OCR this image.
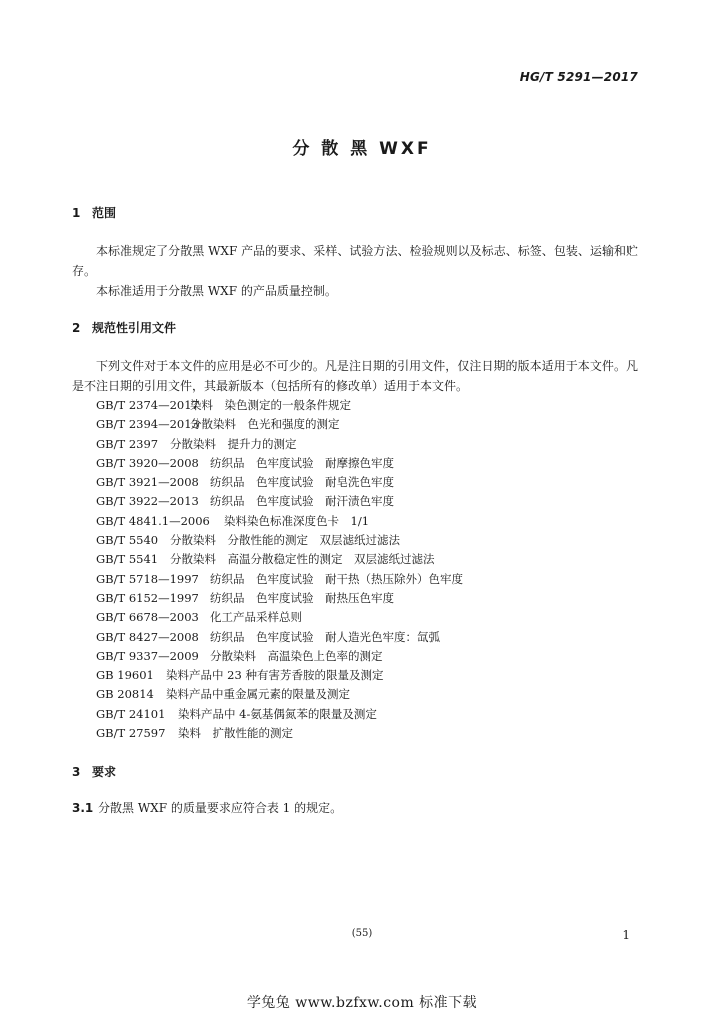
HG/T 5291—2017
分 散 黑 WXF
1 范围
本标准规定了分散黑 WXF 产品的要求、采样、试验方法、检验规则以及标志、标签、包装、运输和贮存。
本标准适用于分散黑 WXF 的产品质量控制。
2 规范性引用文件
下列文件对于本文件的应用是必不可少的。凡是注日期的引用文件，仅注日期的版本适用于本文件。凡是不注日期的引用文件，其最新版本（包括所有的修改单）适用于本文件。
GB/T 2374—2017染料　染色测定的一般条件规定
GB/T 2394—2013分散染料　色光和强度的测定
GB/T 2397 分散染料　提升力的测定
GB/T 3920—2008 纺织品　色牢度试验　耐摩擦色牢度
GB/T 3921—2008 纺织品　色牢度试验　耐皂洗色牢度
GB/T 3922—2013 纺织品　色牢度试验　耐汗渍色牢度
GB/T 4841.1—2006 染料染色标准深度色卡　1/1
GB/T 5540 分散染料　分散性能的测定　双层滤纸过滤法
GB/T 5541 分散染料　高温分散稳定性的测定　双层滤纸过滤法
GB/T 5718—1997 纺织品　色牢度试验　耐干热（热压除外）色牢度
GB/T 6152—1997 纺织品　色牢度试验　耐热压色牢度
GB/T 6678—2003 化工产品采样总则
GB/T 8427—2008 纺织品　色牢度试验　耐人造光色牢度：氙弧
GB/T 9337—2009 分散染料　高温染色上色率的测定
GB 19601 染料产品中 23 种有害芳香胺的限量及测定
GB 20814 染料产品中重金属元素的限量及测定
GB/T 24101 染料产品中 4-氨基偶氮苯的限量及测定
GB/T 27597 染料　扩散性能的测定
3 要求
3.1 分散黑 WXF 的质量要求应符合表 1 的规定。
(55)	1
学兔兔 www.bzfxw.com 标准下载
